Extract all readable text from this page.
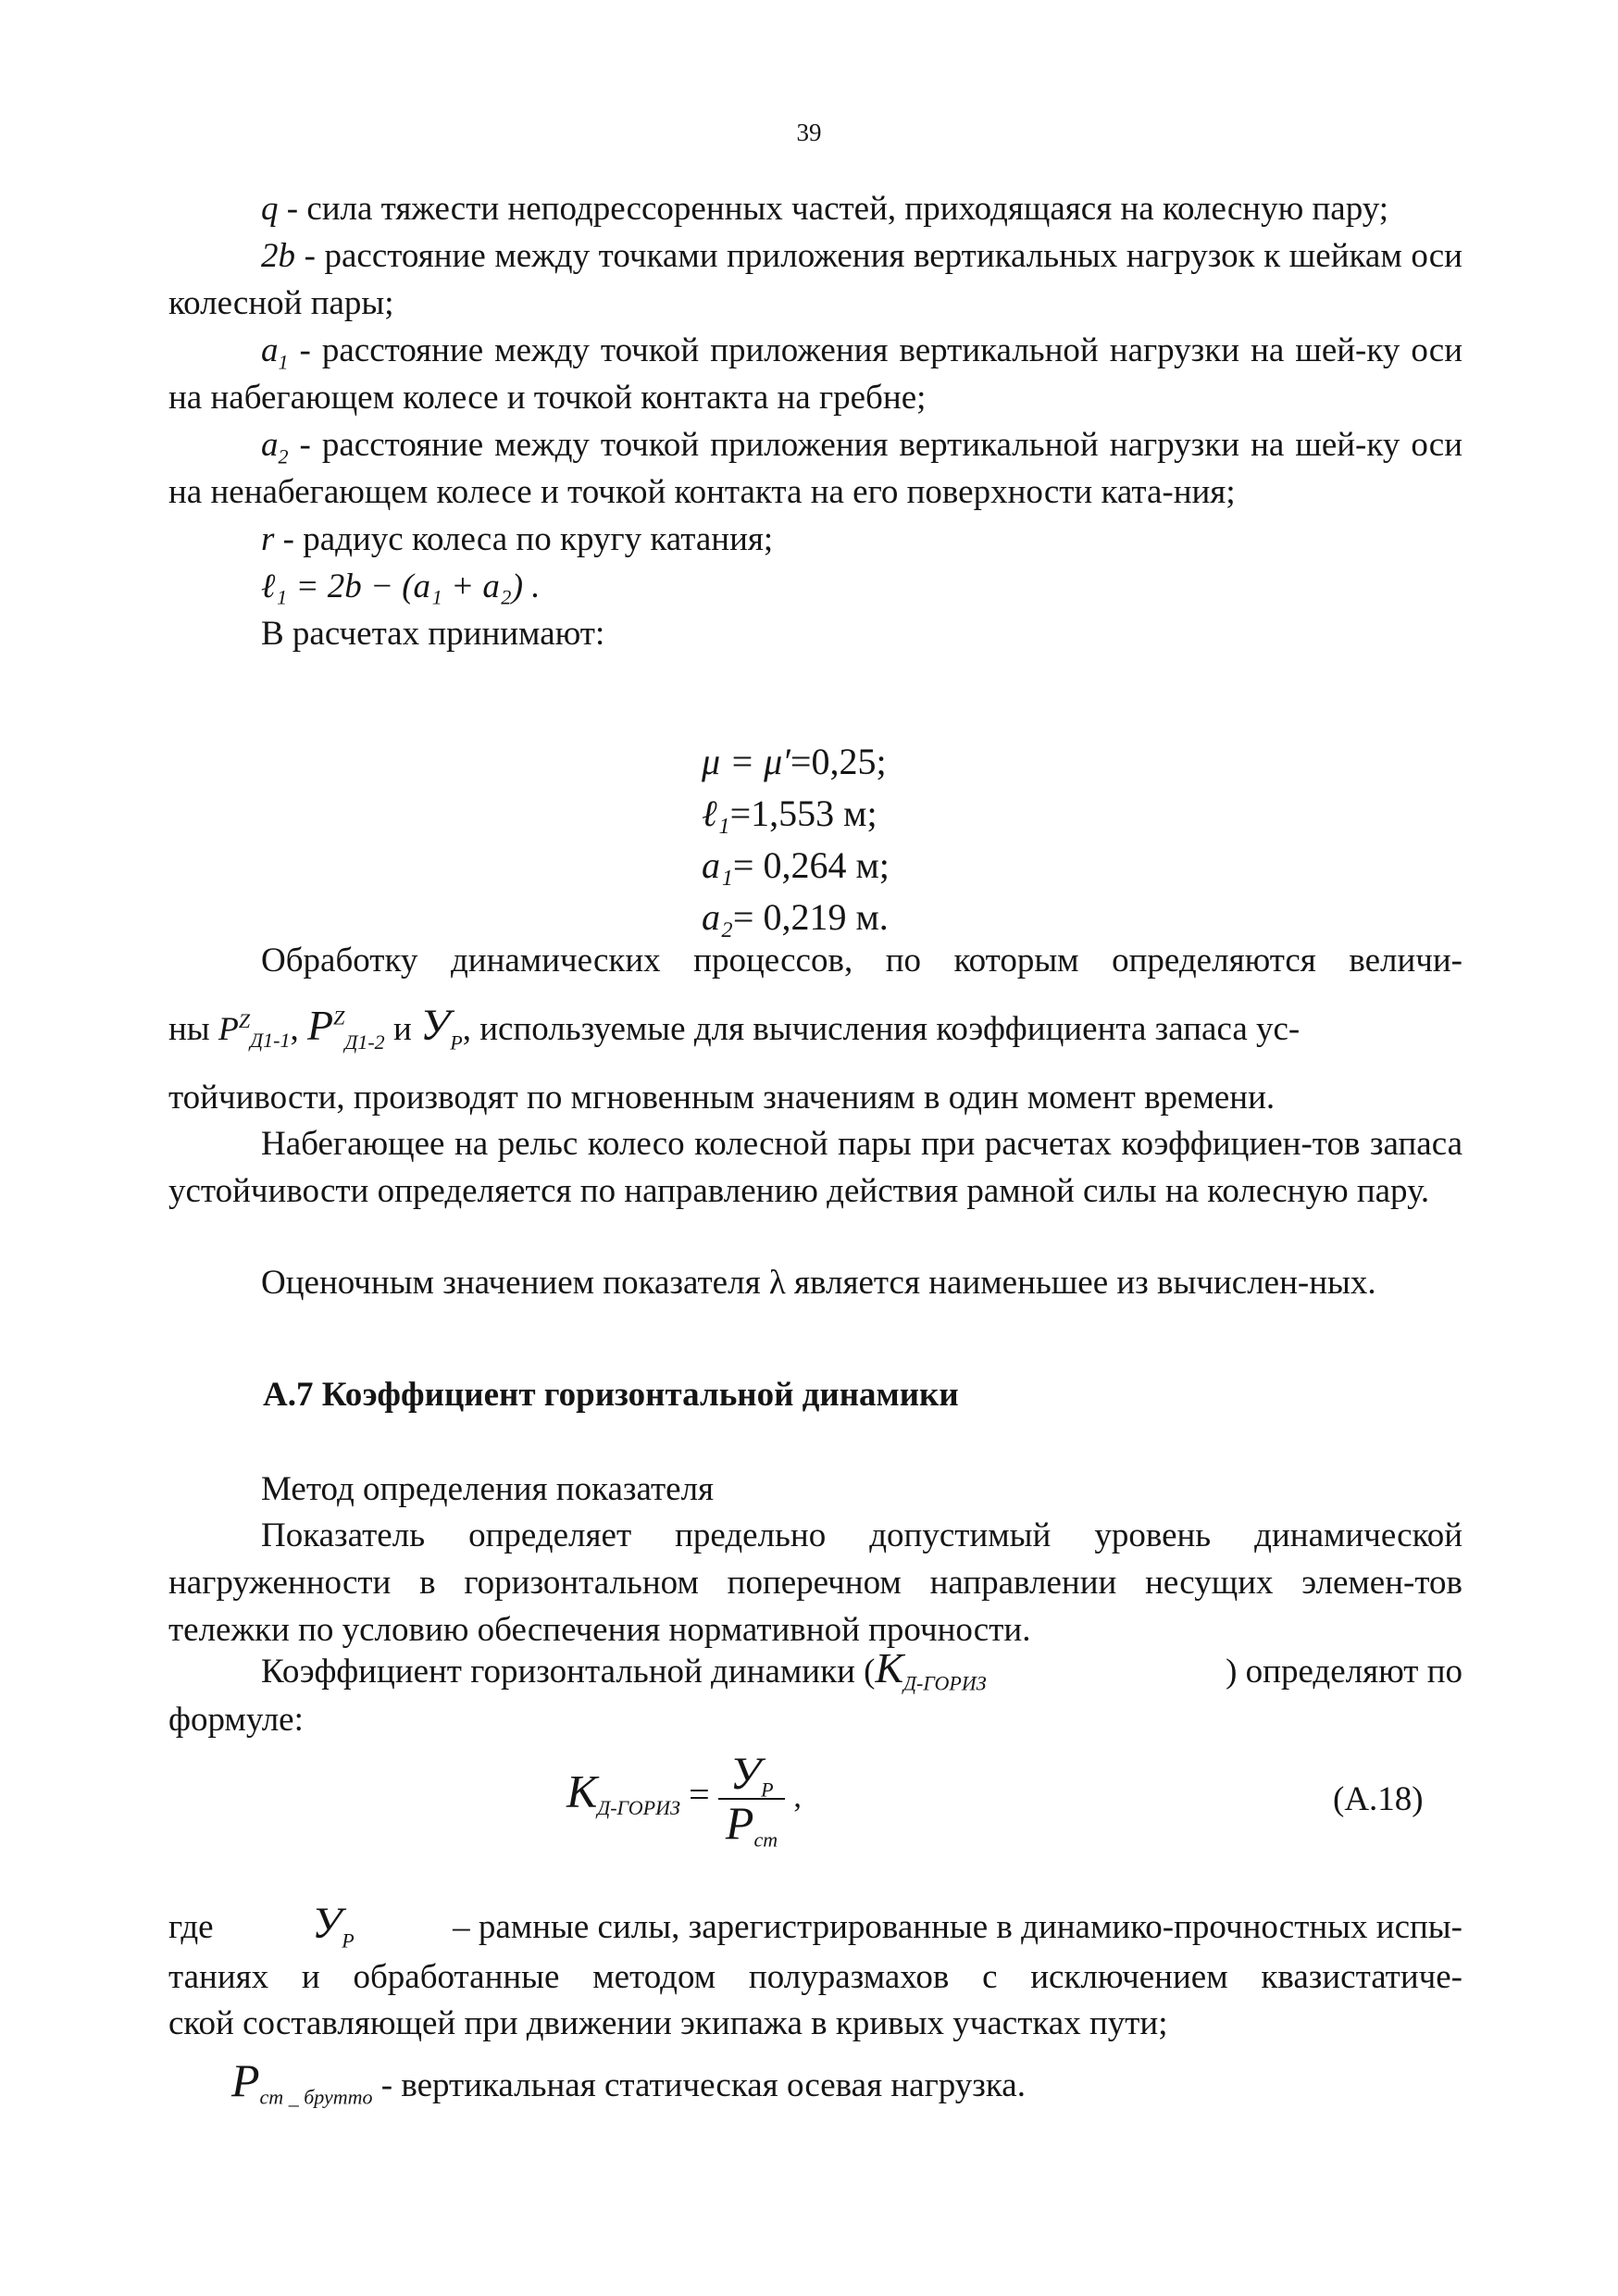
39
q - сила тяжести неподрессоренных частей, приходящаяся на колесную пару;
2b - расстояние между точками приложения вертикальных нагрузок к шейкам оси колесной пары;
$a_1$ - расстояние между точкой приложения вертикальной нагрузки на шей-ку оси на набегающем колесе и точкой контакта на гребне;
$a_2$ - расстояние между точкой приложения вертикальной нагрузки на шей-ку оси на ненабегающем колесе и точкой контакта на его поверхности ката-ния;
r - радиус колеса по кругу катания;
ℓ₁ = 2b − (a₁ + a₂) .
В расчетах принимают:
μ = μ′=0,25;
ℓ₁=1,553 м;
a₁= 0,264 м;
a₂= 0,219 м.
Обработку динамических процессов, по которым определяются величи-
ны $P^Z_{Д1-1}$, $P^Z_{Д1-2}$ и $У_Р$, используемые для вычисления коэффициента запаса ус-
тойчивости, производят по мгновенным значениям в один момент времени.
Набегающее на рельс колесо колесной пары при расчетах коэффициен-тов запаса устойчивости определяется по направлению действия рамной силы на колесную пару.
Оценочным значением показателя λ является наименьшее из вычислен-ных.
А.7 Коэффициент горизонтальной динамики
Метод определения показателя
Показатель определяет предельно допустимый уровень динамической нагруженности в горизонтальном поперечном направлении несущих элемен-тов тележки по условию обеспечения нормативной прочности.
Коэффициент горизонтальной динамики ($К_{Д-ГОРИЗ}$	) определяют по
формуле:
$К_{Д-ГОРИЗ} = \frac{У_Р}{Р_{ст}}$ ,	(А.18)
где $У_Р$	– рамные силы, зарегистрированные в динамико-прочностных испы-
таниях и обработанные методом полуразмахов с исключением квазистатиче-
ской составляющей при движении экипажа в кривых участках пути;
$Р_{ст \_ брутто}$ - вертикальная статическая осевая нагрузка.
